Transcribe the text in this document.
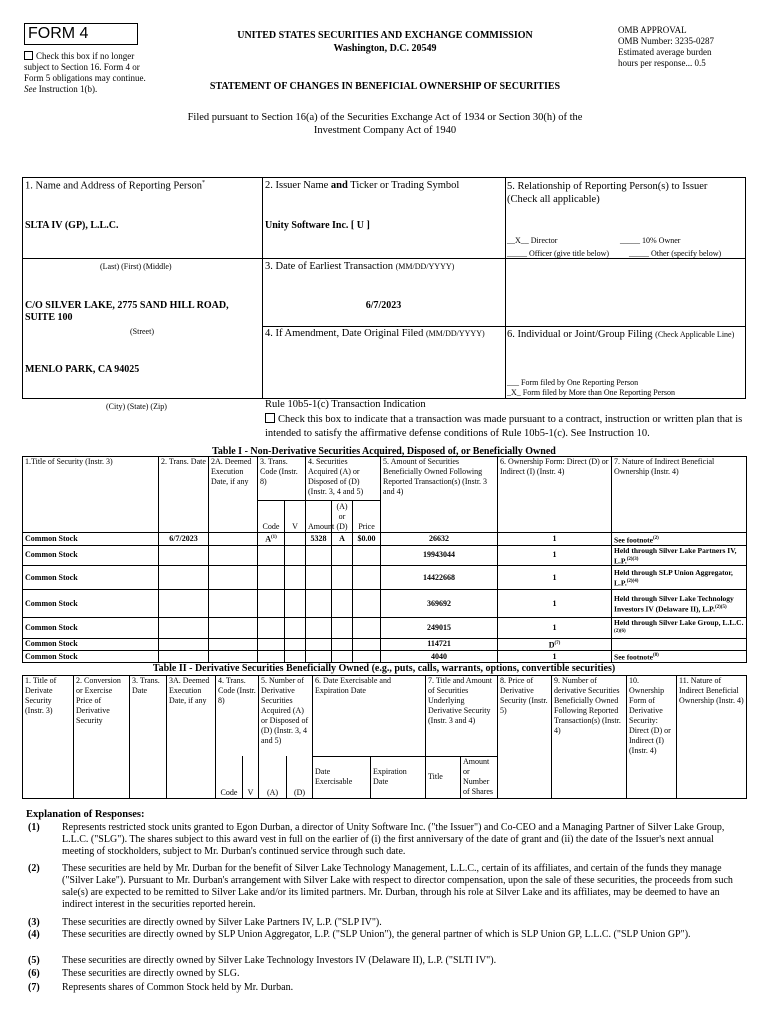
FORM 4
Check this box if no longer subject to Section 16. Form 4 or Form 5 obligations may continue. See Instruction 1(b).
UNITED STATES SECURITIES AND EXCHANGE COMMISSION
Washington, D.C. 20549
STATEMENT OF CHANGES IN BENEFICIAL OWNERSHIP OF SECURITIES
OMB APPROVAL
OMB Number: 3235-0287
Estimated average burden
hours per response... 0.5
Filed pursuant to Section 16(a) of the Securities Exchange Act of 1934 or Section 30(h) of the
Investment Company Act of 1940
1. Name and Address of Reporting Person*
SLTA IV (GP), L.L.C.
(Last) (First) (Middle)
C/O SILVER LAKE, 2775 SAND HILL ROAD, SUITE 100
(Street)
MENLO PARK, CA 94025
(City) (State) (Zip)
2. Issuer Name and Ticker or Trading Symbol
Unity Software Inc. [ U ]
3. Date of Earliest Transaction (MM/DD/YYYY)
6/7/2023
4. If Amendment, Date Original Filed (MM/DD/YYYY)
5. Relationship of Reporting Person(s) to Issuer
(Check all applicable)
__X__ Director	_____ 10% Owner
_____ Officer (give title below) _____ Other (specify below)
6. Individual or Joint/Group Filing (Check Applicable Line)
___ Form filed by One Reporting Person
_X_ Form filed by More than One Reporting Person
Rule 10b5-1(c) Transaction Indication
Check this box to indicate that a transaction was made pursuant to a contract, instruction or written plan that is intended to satisfy the affirmative defense conditions of Rule 10b5-1(c). See Instruction 10.
Table I - Non-Derivative Securities Acquired, Disposed of, or Beneficially Owned
1.Title of Security (Instr. 3)	2. Trans. Date	2A. Deemed Execution Date, if any	3. Trans. Code (Instr. 8)		4. Securities Acquired (A) or Disposed of (D) (Instr. 3, 4 and 5)			5. Amount of Securities Beneficially Owned Following Reported Transaction(s) (Instr. 3 and 4)	6. Ownership Form: Direct (D) or Indirect (I) (Instr. 4)	7. Nature of Indirect Beneficial Ownership (Instr. 4)
			Code	V	Amount	(A) or (D)	Price			
Common Stock	6/7/2023		$A^{(1)}$		5328	A	$0.00	26632	1	See footnote$^{(2)}$
Common Stock								19943044	1	Held through Silver Lake Partners IV, L.P.$^{(2)(3)}$
Common Stock								14422668	1	Held through SLP Union Aggregator, L.P.$^{(2)(4)}$
Common Stock								369692	1	Held through Silver Lake Technology Investors IV (Delaware II), L.P.$^{(2)(5)}$
Common Stock								249015	1	Held through Silver Lake Group, L.L.C.$^{(2)(6)}$
Common Stock								114721	$D^{(7)}$	
Common Stock								4040	1	See footnote$^{(8)}$
Table II - Derivative Securities Beneficially Owned (e.g., puts, calls, warrants, options, convertible securities)
1. Title of Derivate Security (Instr. 3)	2. Conversion or Exercise Price of Derivative Security	3. Trans. Date	3A. Deemed Execution Date, if any	4. Trans. Code (Instr. 8)		5. Number of Derivative Securities Acquired (A) or Disposed of (D) (Instr. 3, 4 and 5)		6. Date Exercisable and Expiration Date		7. Title and Amount of Securities Underlying Derivative Security (Instr. 3 and 4)		8. Price of Derivative Security (Instr. 5)	9. Number of derivative Securities Beneficially Owned Following Reported Transaction(s) (Instr. 4)	10. Ownership Form of Derivative Security: Direct (D) or Indirect (I) (Instr. 4)	11. Nature of Indirect Beneficial Ownership (Instr. 4)
				Code	V	(A)	(D)	Date Exercisable	Expiration Date	Title	Amount or Number of Shares				
Explanation of Responses:
(1) Represents restricted stock units granted to Egon Durban, a director of Unity Software Inc. ("the Issuer") and Co-CEO and a Managing Partner of Silver Lake Group, L.L.C. ("SLG"). The shares subject to this award vest in full on the earlier of (i) the first anniversary of the date of grant and (ii) the date of the Issuer's next annual meeting of stockholders, subject to Mr. Durban's continued service through such date.
(2) These securities are held by Mr. Durban for the benefit of Silver Lake Technology Management, L.L.C., certain of its affiliates, and certain of the funds they manage ("Silver Lake"). Pursuant to Mr. Durban's arrangement with Silver Lake with respect to director compensation, upon the sale of these securities, the proceeds from such sale(s) are expected to be remitted to Silver Lake and/or its limited partners. Mr. Durban, through his role at Silver Lake and its affiliates, may be deemed to have an indirect interest in the securities reported herein.
(3) These securities are directly owned by Silver Lake Partners IV, L.P. ("SLP IV").
(4) These securities are directly owned by SLP Union Aggregator, L.P. ("SLP Union"), the general partner of which is SLP Union GP, L.L.C. ("SLP Union GP").
(5) These securities are directly owned by Silver Lake Technology Investors IV (Delaware II), L.P. ("SLTI IV").
(6) These securities are directly owned by SLG.
(7) Represents shares of Common Stock held by Mr. Durban.
